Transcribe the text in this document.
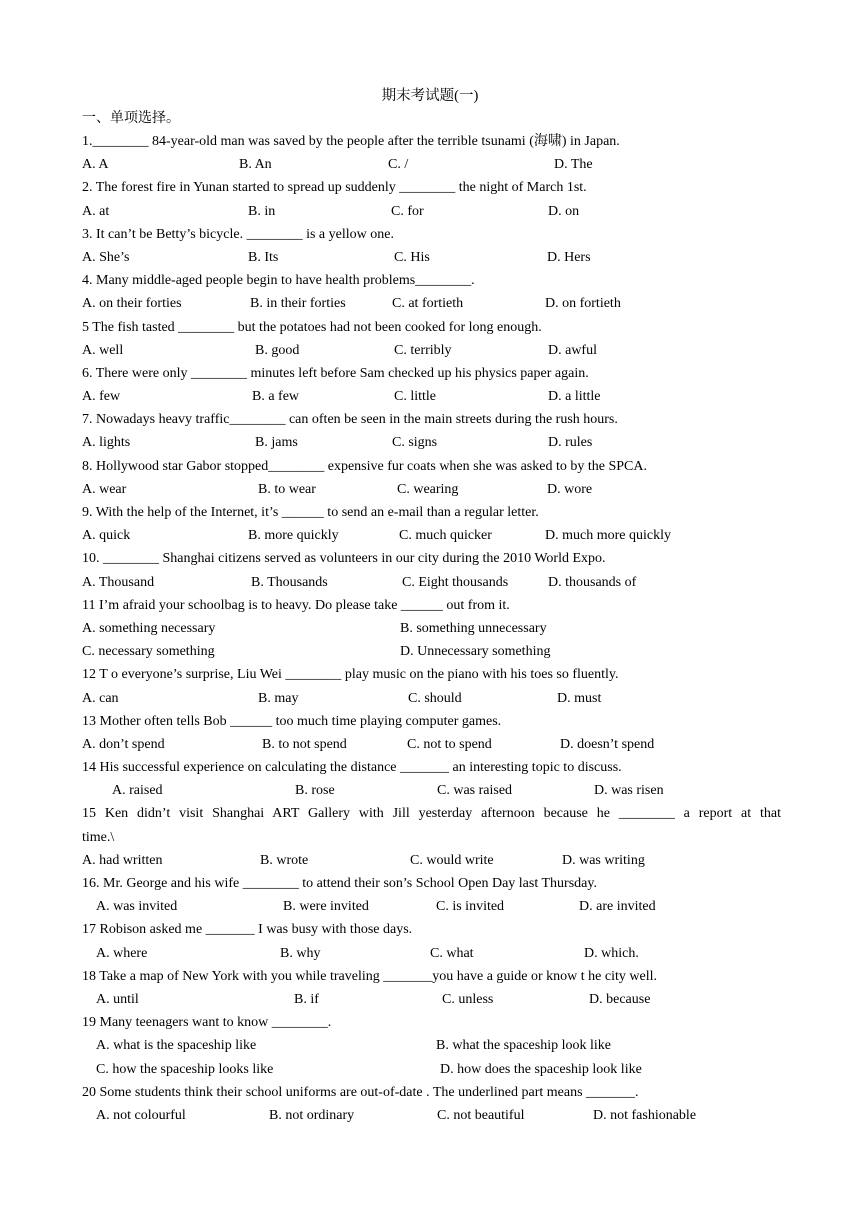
期末考试题(一)
一、单项选择。
1.________ 84-year-old man was saved by the people after the terrible tsunami (海啸) in Japan.
A. A	B. An	C. /	D. The
2. The forest fire in Yunan started to spread up suddenly ________ the night of March 1st.
A. at	B. in	C. for	D. on
3. It can’t be Betty’s bicycle. ________ is a yellow one.
A. She’s	B. Its	C. His	D. Hers
4. Many middle-aged people begin to have health problems________.
A. on their forties	B. in their forties	C. at fortieth	D. on fortieth
5 The fish tasted ________ but the potatoes had not been cooked for long enough.
A. well	B. good	C. terribly	D. awful
6. There were only ________ minutes left before Sam checked up his physics paper again.
A. few	B. a few	C. little	D. a little
7. Nowadays heavy traffic________ can often be seen in the main streets during the rush hours.
A. lights	B. jams	C. signs	D. rules
8. Hollywood star Gabor stopped________ expensive fur coats when she was asked to by the SPCA.
A. wear	B. to wear	C. wearing	D. wore
9. With the help of the Internet, it’s ______ to send an e-mail than a regular letter.
A. quick	B. more quickly	C. much quicker	D. much more quickly
10. ________ Shanghai citizens served as volunteers in our city during the 2010 World Expo.
A. Thousand	B. Thousands	C. Eight thousands	D. thousands of
11 I’m afraid your schoolbag is to heavy. Do please take ______ out from it.
A. something necessary	B. something unnecessary
C. necessary something	D. Unnecessary something
12 T o everyone’s surprise, Liu Wei ________ play music on the piano with his toes so fluently.
A. can	B. may	C. should	D. must
13 Mother often tells Bob ______ too much time playing computer games.
A. don’t spend	B. to not spend	C. not to spend	D. doesn’t spend
14 His successful experience on calculating the distance _______ an interesting topic to discuss.
A. raised	B. rose	C. was raised	D. was risen
15 Ken didn’t visit Shanghai ART Gallery with Jill yesterday afternoon because he ________ a report at that
time.\
A. had written	B. wrote	C. would write	D. was writing
16. Mr. George and his wife ________ to attend their son’s School Open Day last Thursday.
A. was invited	B. were invited	C. is invited	D. are invited
17 Robison asked me _______ I was busy with those days.
A. where	B. why	C. what	D. which.
18 Take a map of New York with you while traveling _______you have a guide or know t he city well.
A. until	B. if	C. unless	D. because
19 Many teenagers want to know ________.
A. what is the spaceship like	B. what the spaceship look like
C. how the spaceship looks like	D. how does the spaceship look like
20 Some students think their school uniforms are out-of-date . The underlined part means _______.
A. not colourful	B. not ordinary	C. not beautiful	D. not fashionable
